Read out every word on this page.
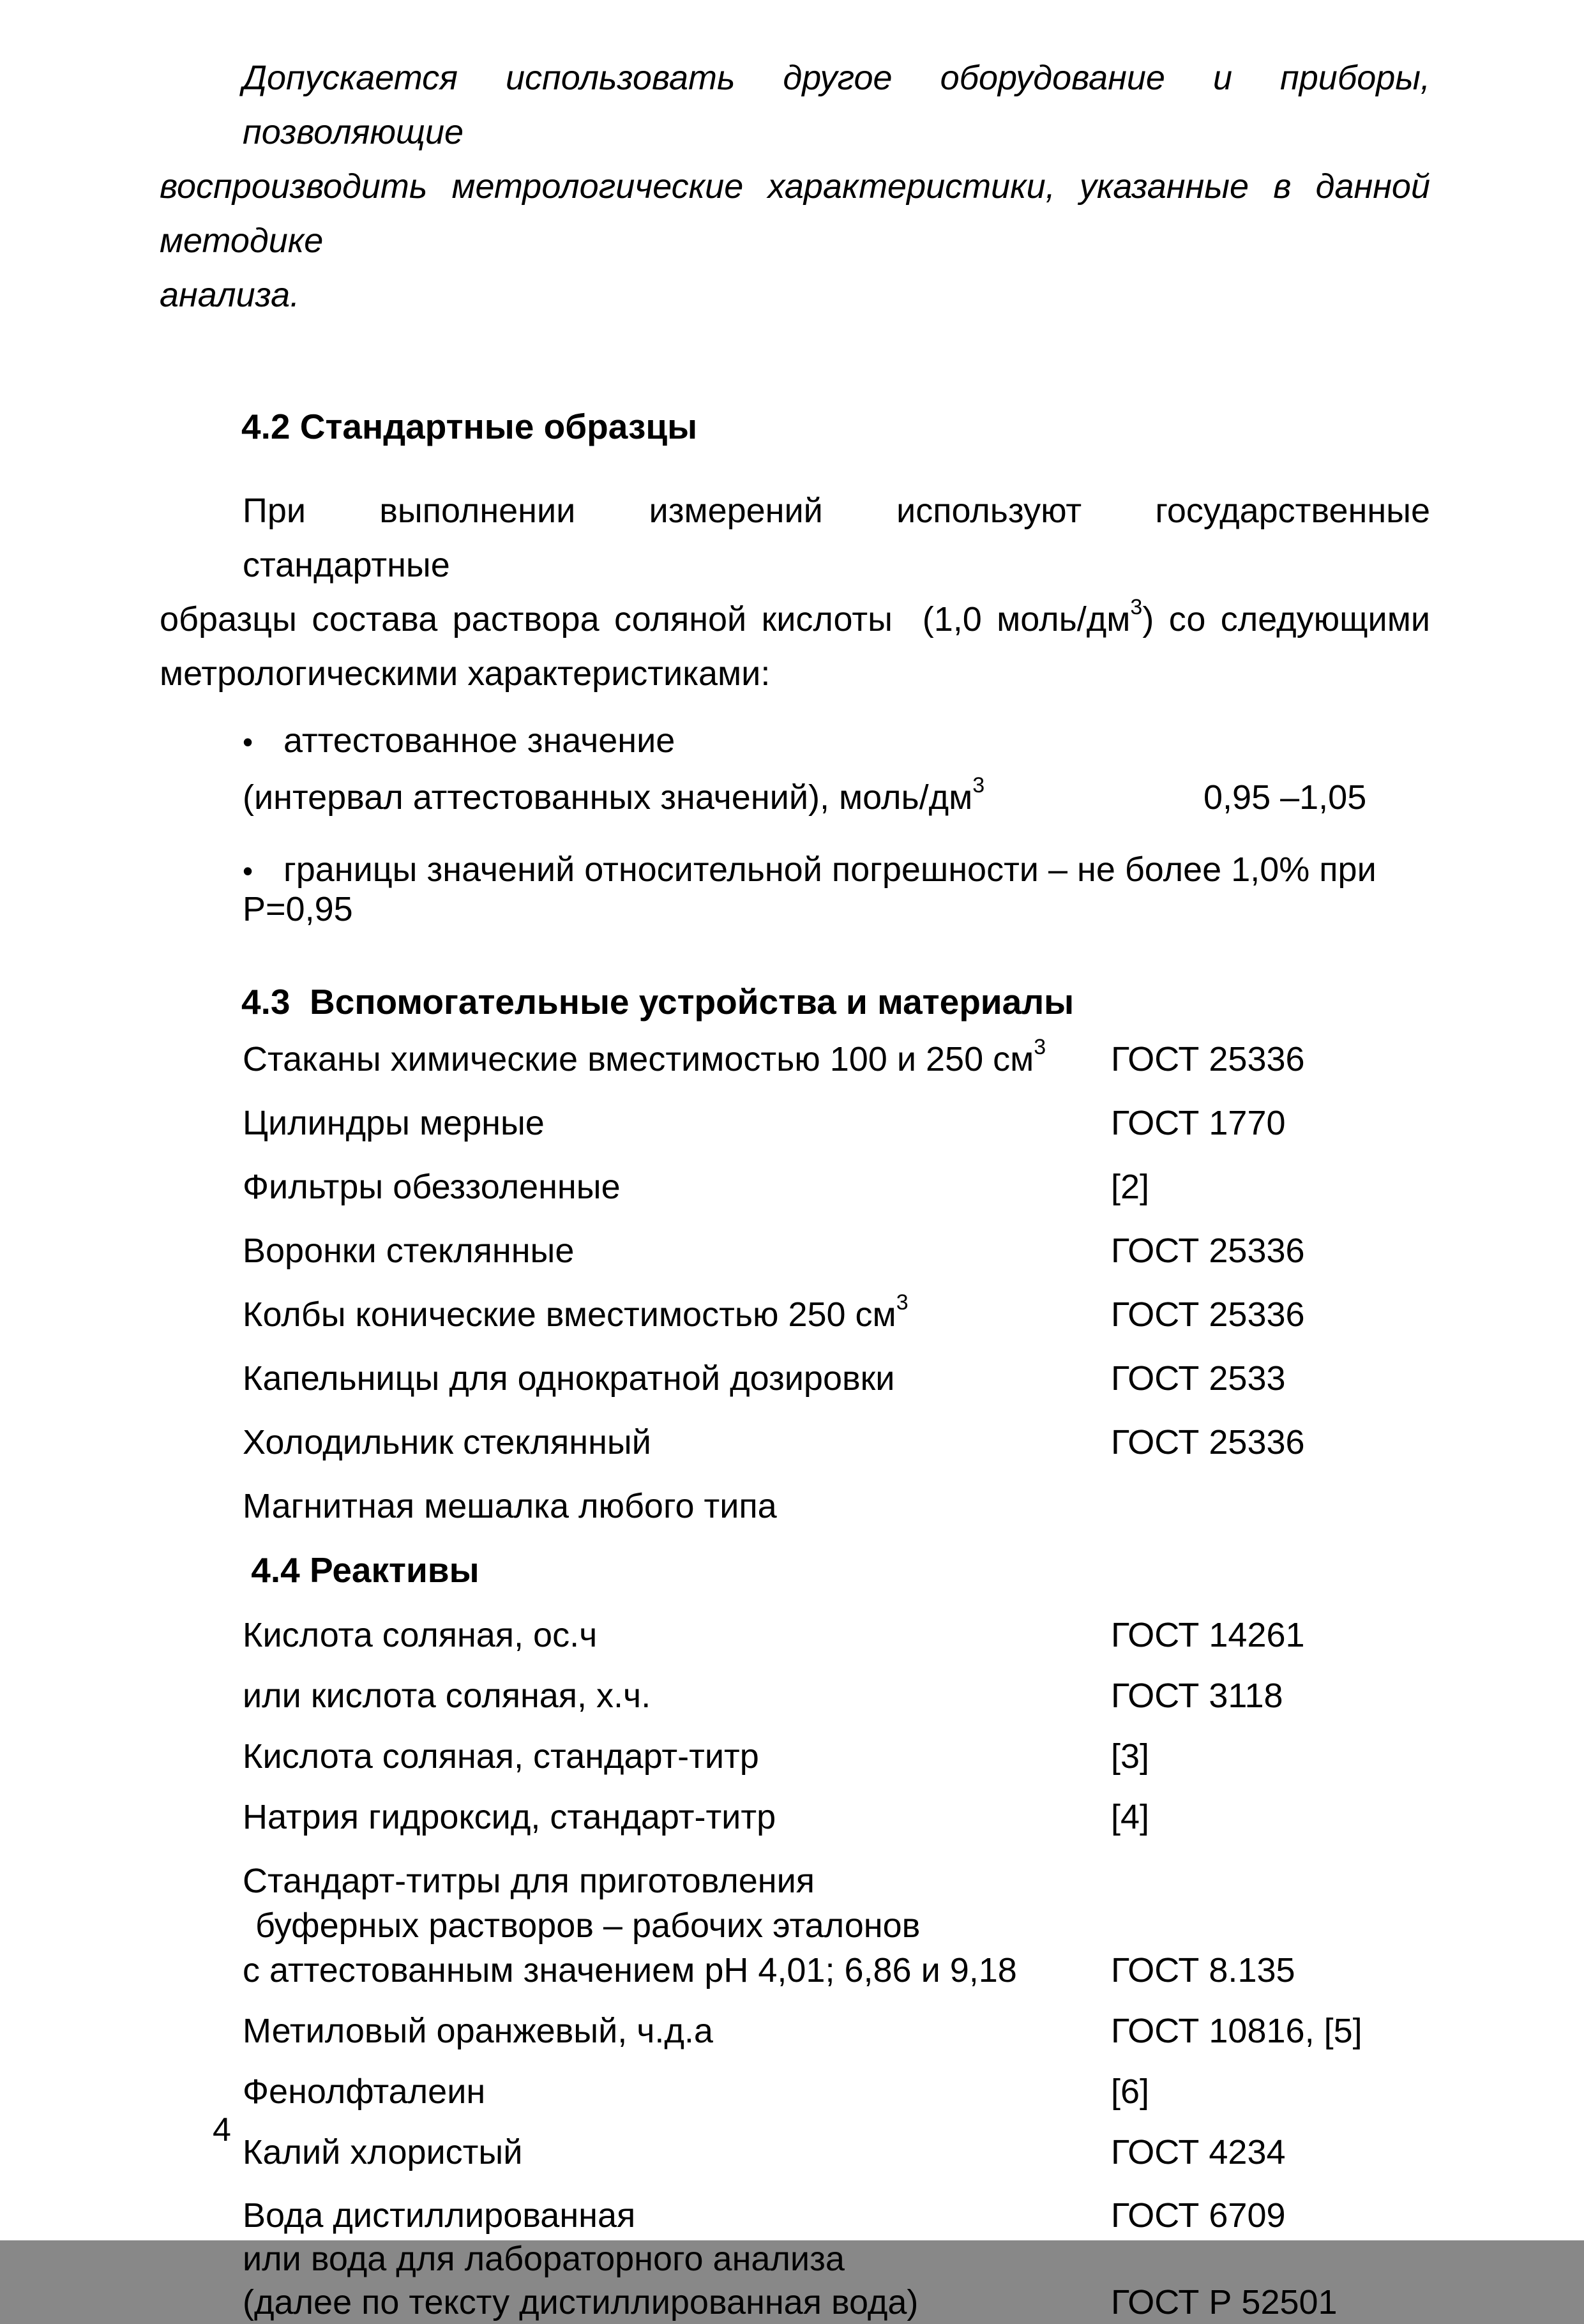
Допускается использовать другое оборудование и приборы, позволяющие
воспроизводить метрологические характеристики, указанные в данной методике
анализа.
4.2 Стандартные образцы
При  выполнении  измерений  используют  государственные  стандартные
образцы состава раствора соляной кислоты  (1,0 моль/$дм^3$) со следующими
метрологическими характеристиками:
• аттестованное значение
(интервал аттестованных значений), моль/$дм^3$	0,95 –1,05
• границы значений относительной погрешности – не более 1,0% при Р=0,95
4.3  Вспомогательные устройства и материалы
Стаканы химические вместимостью 100 и 250 $см^3$ ГОСТ 25336
Цилиндры мерные	ГОСТ 1770
Фильтры обеззоленные	[2]
Воронки стеклянные	ГОСТ 25336
Колбы конические вместимостью 250 $см^3$	ГОСТ 25336
Капельницы для однократной дозировки	ГОСТ 2533
Холодильник стеклянный	ГОСТ 25336
Магнитная мешалка любого типа
4.4 Реактивы
Кислота соляная, ос.ч	ГОСТ 14261
или кислота соляная, х.ч.	ГОСТ 3118
Кислота соляная, стандарт-титр	[3]
Натрия гидроксид, стандарт-титр	[4]
Стандарт-титры для приготовления
буферных растворов – рабочих эталонов
с аттестованным значением рН 4,01; 6,86 и 9,18	ГОСТ 8.135
Метиловый оранжевый, ч.д.а	ГОСТ 10816, [5]
Фенолфталеин	[6]
Калий хлористый	ГОСТ 4234
Вода дистиллированная	ГОСТ 6709
или вода для лабораторного анализа
(далее по тексту дистиллированная вода)	ГОСТ Р 52501
4
